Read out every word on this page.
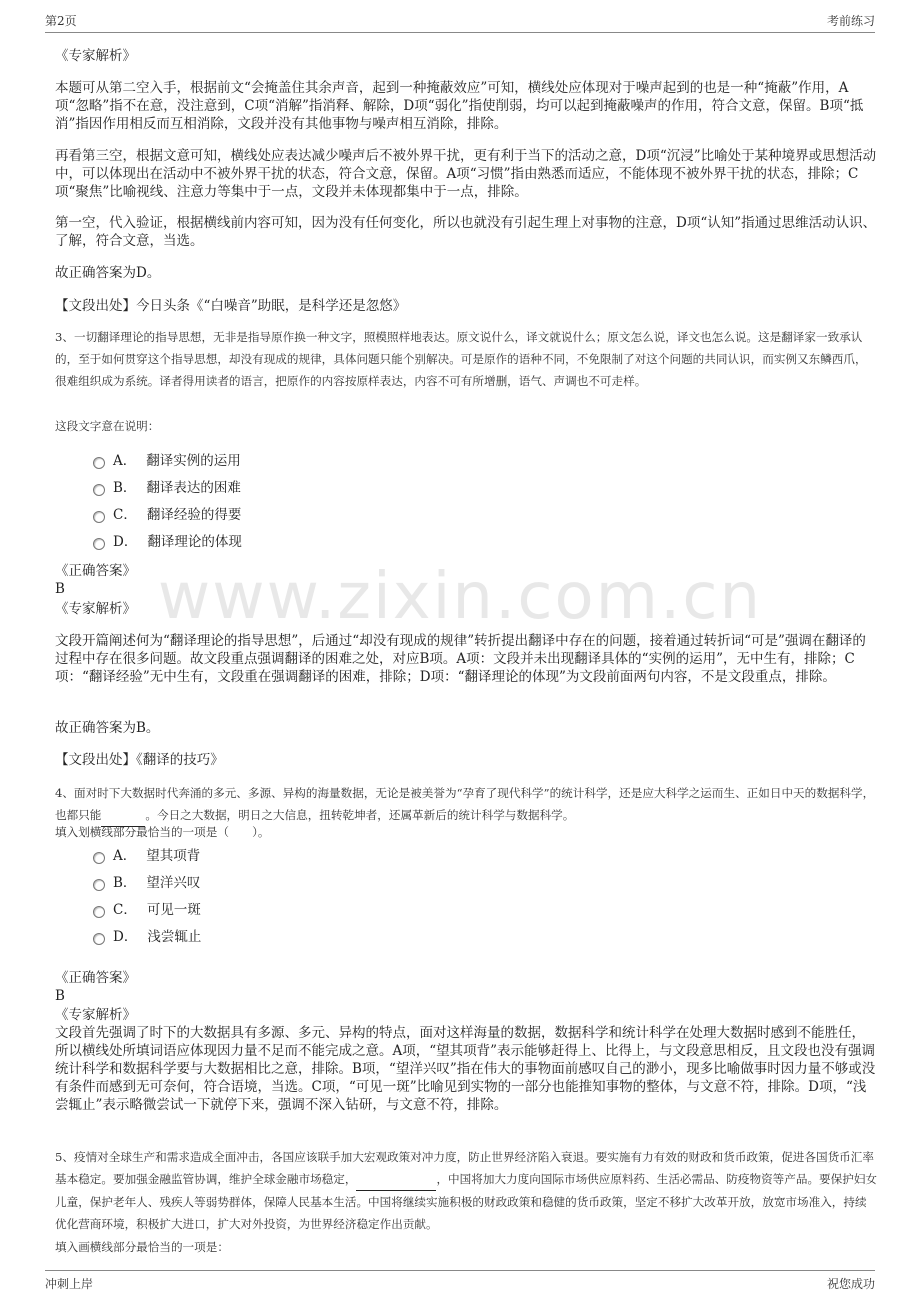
第2页	考前练习
www.zixin.com.cn

《专家解析》

本题可从第二空入手，根据前文“会掩盖住其余声音，起到一种掩蔽效应”可知，横线处应体现对于噪声起到的也是一种“掩蔽”作用，A项“忽略”指不在意，没注意到，C项“消解”指消释、解除，D项“弱化”指使削弱，均可以起到掩蔽噪声的作用，符合文意，保留。B项“抵消”指因作用相反而互相消除，文段并没有其他事物与噪声相互消除，排除。

再看第三空，根据文意可知，横线处应表达减少噪声后不被外界干扰，更有利于当下的活动之意，D项“沉浸”比喻处于某种境界或思想活动中，可以体现出在活动中不被外界干扰的状态，符合文意，保留。A项“习惯”指由熟悉而适应，不能体现不被外界干扰的状态，排除；C项“聚焦”比喻视线、注意力等集中于一点，文段并未体现都集中于一点，排除。

第一空，代入验证，根据横线前内容可知，因为没有任何变化，所以也就没有引起生理上对事物的注意，D项“认知”指通过思维活动认识、了解，符合文意，当选。

故正确答案为D。

【文段出处】今日头条《“白噪音”助眠，是科学还是忽悠》

3、一切翻译理论的指导思想，无非是指导原作换一种文字，照模照样地表达。原文说什么，译文就说什么；原文怎么说，译文也怎么说。这是翻译家一致承认的，至于如何贯穿这个指导思想，却没有现成的规律，具体问题只能个别解决。可是原作的语种不同，不免限制了对这个问题的共同认识，而实例又东鳞西爪，很难组织成为系统。译者得用读者的语言，把原作的内容按原样表达，内容不可有所增删，语气、声调也不可走样。

这段文字意在说明：

A． 翻译实例的运用
B． 翻译表达的困难
C． 翻译经验的得要
D． 翻译理论的体现

《正确答案》

B

《专家解析》

文段开篇阐述何为“翻译理论的指导思想”，后通过“却没有现成的规律”转折提出翻译中存在的问题，接着通过转折词“可是”强调在翻译的过程中存在很多问题。故文段重点强调翻译的困难之处，对应B项。A项：文段并未出现翻译具体的“实例的运用”，无中生有，排除；C项：“翻译经验”无中生有，文段重在强调翻译的困难，排除；D项：“翻译理论的体现”为文段前面两句内容，不是文段重点，排除。

故正确答案为B。

【文段出处】《翻译的技巧》

4、面对时下大数据时代奔涌的多元、多源、异构的海量数据，无论是被美誉为“孕育了现代科学”的统计科学，还是应大科学之运而生、正如日中天的数据科学，也都只能	。今日之大数据，明日之大信息，扭转乾坤者，还属革新后的统计科学与数据科学。

填入划横线部分最恰当的一项是（　　）。

A． 望其项背
B． 望洋兴叹
C． 可见一斑
D． 浅尝辄止

《正确答案》

B

《专家解析》

文段首先强调了时下的大数据具有多源、多元、异构的特点，面对这样海量的数据，数据科学和统计科学在处理大数据时感到不能胜任，所以横线处所填词语应体现因力量不足而不能完成之意。A项，“望其项背”表示能够赶得上、比得上，与文段意思相反，且文段也没有强调统计科学和数据科学要与大数据相比之意，排除。B项，“望洋兴叹”指在伟大的事物面前感叹自己的渺小，现多比喻做事时因力量不够或没有条件而感到无可奈何，符合语境，当选。C项，“可见一斑”比喻见到实物的一部分也能推知事物的整体，与文意不符，排除。D项，“浅尝辄止”表示略微尝试一下就停下来，强调不深入钻研，与文意不符，排除。

5、疫情对全球生产和需求造成全面冲击，各国应该联手加大宏观政策对冲力度，防止世界经济陷入衰退。要实施有力有效的财政和货币政策，促进各国货币汇率基本稳定。要加强金融监管协调，维护全球金融市场稳定，	，中国将加大力度向国际市场供应原料药、生活必需品、防疫物资等产品。要保护妇女儿童，保护老年人、残疾人等弱势群体，保障人民基本生活。中国将继续实施积极的财政政策和稳健的货币政策，坚定不移扩大改革开放，放宽市场准入，持续优化营商环境，积极扩大进口，扩大对外投资，为世界经济稳定作出贡献。

填入画横线部分最恰当的一项是：

冲刺上岸	祝您成功
